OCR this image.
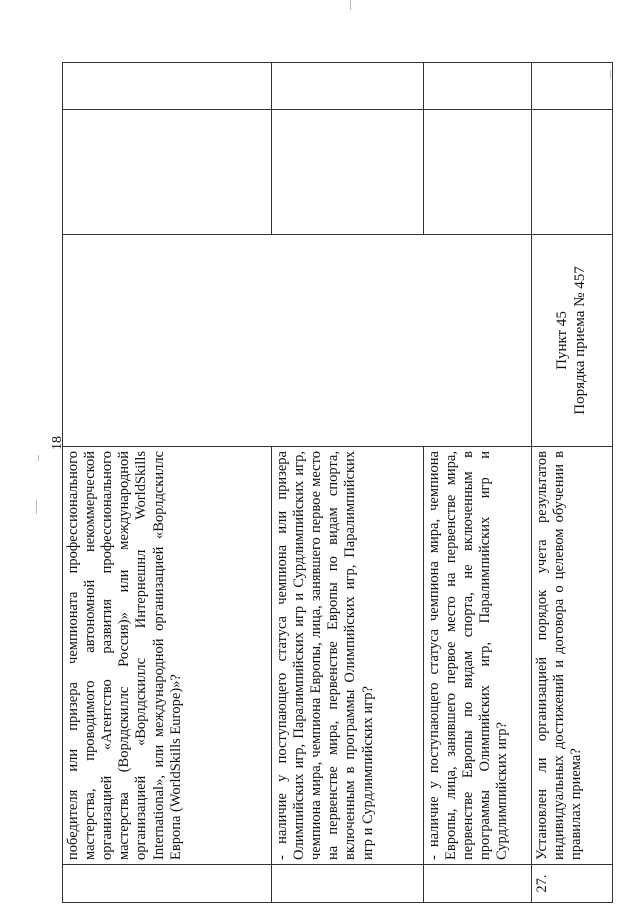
18
	победителя или призера чемпионата профессионального мастерства, проводимого автономной некоммерческой организацией «Агентство развития профессионального мастерства (Ворлдскиллс Россия)» или международной организацией «Ворлдскиллс Интернешнл WorldSkills International», или международной организацией «Ворлдскиллс Европа (WorldSkills Europe)»?			
	- наличие у поступающего статуса чемпиона или призера Олимпийских игр, Паралимпийских игр и Сурдлимпийских игр, чемпиона мира, чемпиона Европы, лица, занявшего первое место на первенстве мира, первенстве Европы по видам спорта, включенным в программы Олимпийских игр, Паралимпийских игр и Сурдлимпийских игр?			
	- наличие у поступающего статуса чемпиона мира, чемпиона Европы, лица, занявшего первое место на первенстве мира, первенстве Европы по видам спорта, не включенным в программы Олимпийских игр, Паралимпийских игр и Сурдлимпийских игр?			
27.	Установлен ли организацией порядок учета результатов индивидуальных достижений и договора о целевом обучении в правилах приема?	Пункт 45
Порядка приема № 457		
